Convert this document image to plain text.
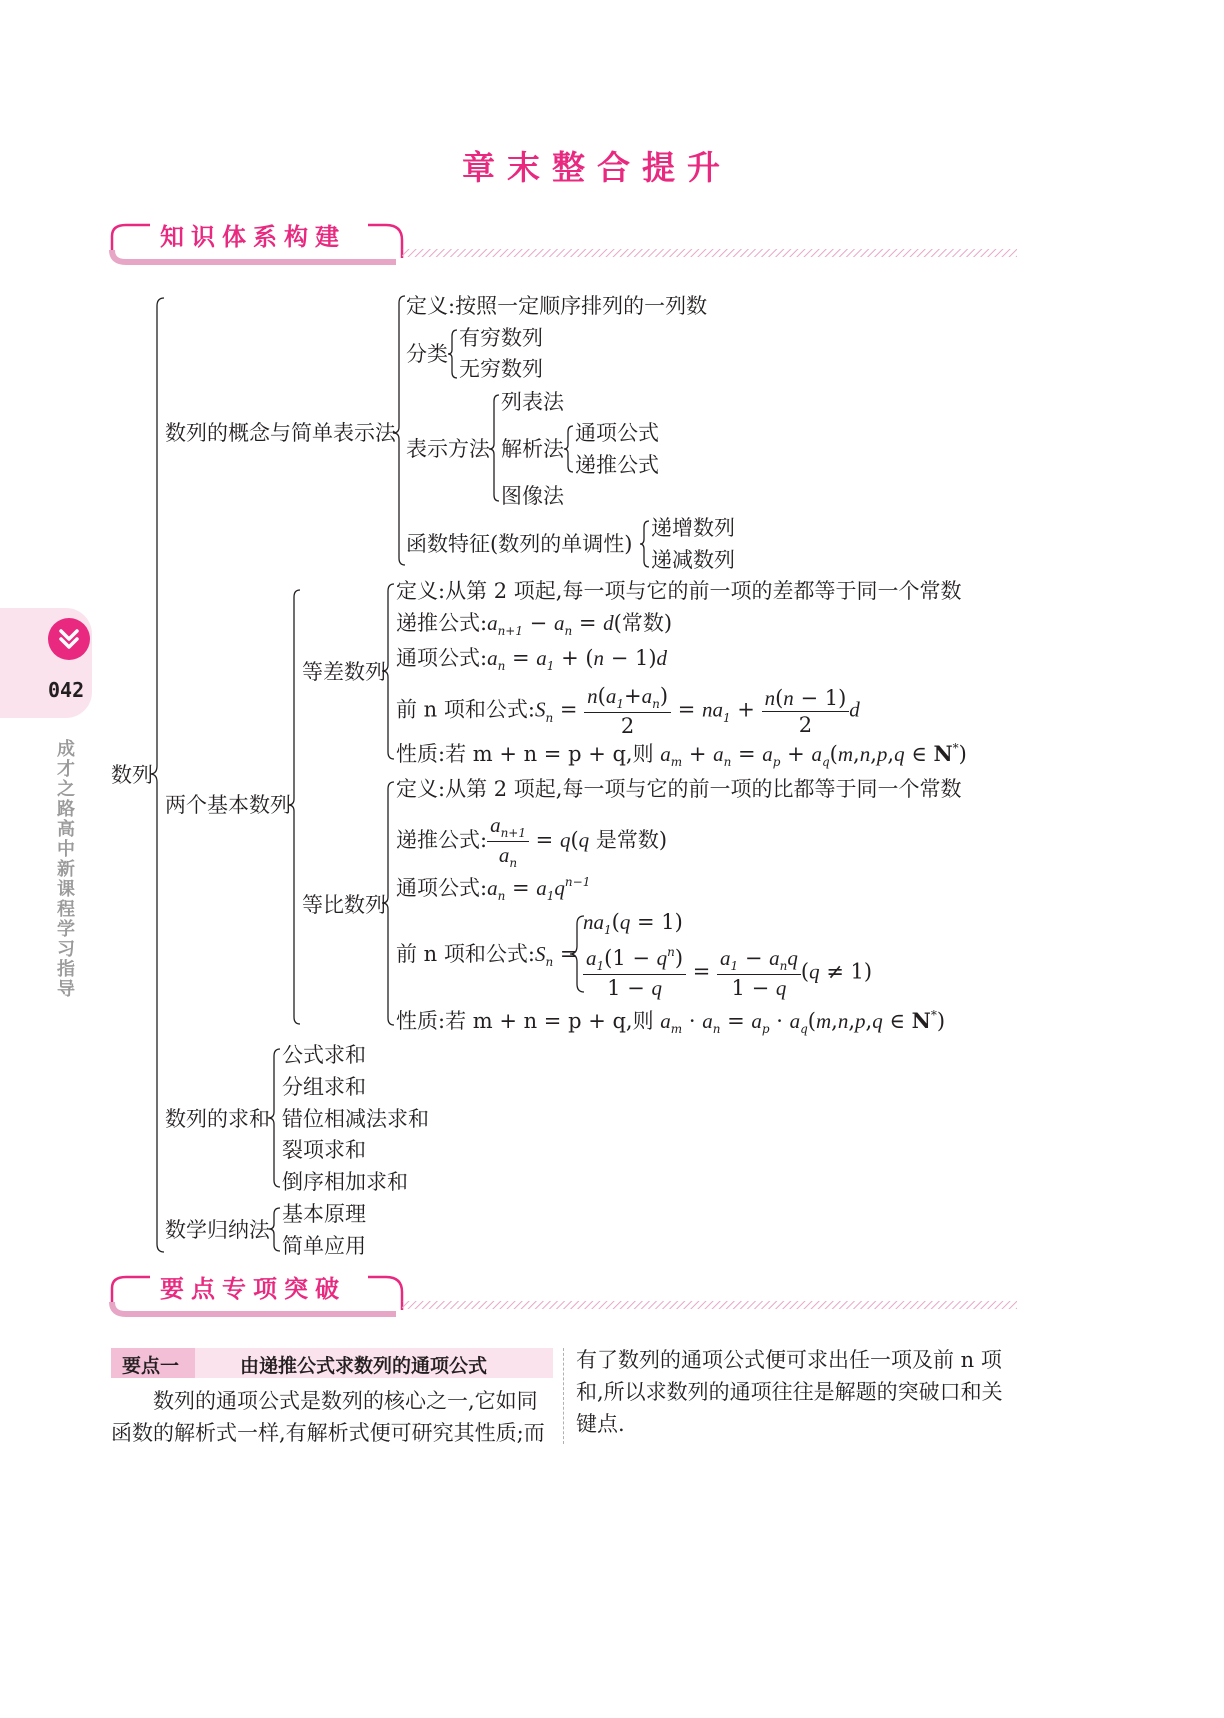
042
成才之路 高中新课程学习指导
章末整合提升
知识体系构建
数列
数列的概念与简单表示法
定义:按照一定顺序排列的一列数
分类
有穷数列
无穷数列
表示方法
列表法
解析法
通项公式
递推公式
图像法
函数特征(数列的单调性)
递增数列
递减数列
两个基本数列
等差数列
等比数列
定义:从第 2 项起,每一项与它的前一项的差都等于同一个常数
递推公式$:a_{n+1} - a_n = d$(常数)
通项公式$:a_n = a_1 + (n - 1)d$
前 n 项和公式$:S_n = \frac{n(a_1+a_n)}{2} = na_1 + \frac{n(n - 1)}{2}$ d
性质:若 m + n = p + q,则 $a_m + a_n = a_p + a_q(m,n,p,q$ ∈ N*)
定义:从第 2 项起,每一项与它的前一项的比都等于同一个常数
递推公式: $\frac{a_{n+1}}{a_n} = q(q$ 是常数)
通项公式$:a_n = a_1q^{n-1}$
前 n 项和公式$:S_n$ =
$na_1(q = 1)$
$\frac{a_1(1 - q^n)}{1 - q} = \frac{a_1 - a_nq}{1 - q} (q \ne 1)$
性质:若 m + n = p + q,则 $a_m \cdot a_n = a_p \cdot a_q(m,n,p,q$ ∈ N*)
数列的求和
公式求和
分组求和
错位相减法求和
裂项求和
倒序相加求和
数学归纳法
基本原理
简单应用
要点专项突破
要点一	由递推公式求数列的通项公式
数列的通项公式是数列的核心之一,它如同
函数的解析式一样,有解析式便可研究其性质;而
有了数列的通项公式便可求出任一项及前 n 项
和,所以求数列的通项往往是解题的突破口和关
键点.
